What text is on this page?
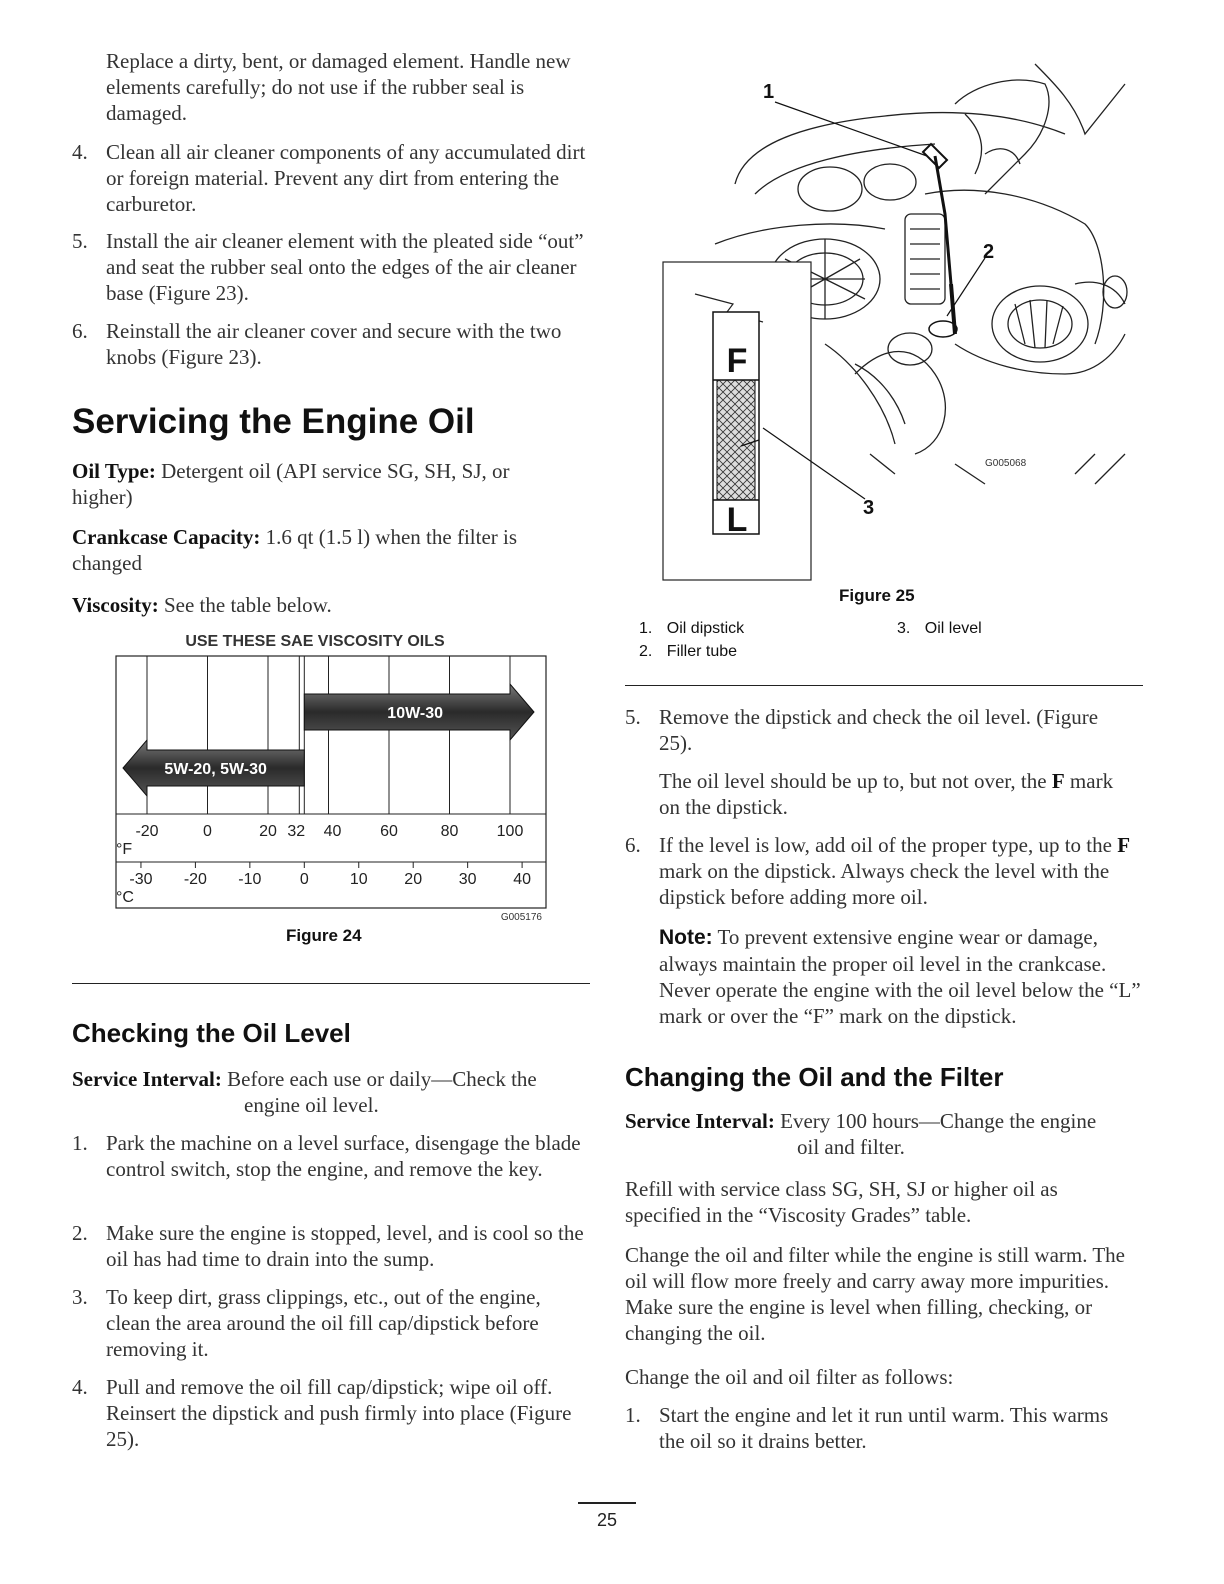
Replace a dirty, bent, or damaged element. Handle new elements carefully; do not use if the rubber seal is damaged.

4. Clean all air cleaner components of any accumulated dirt or foreign material. Prevent any dirt from entering the carburetor.
5. Install the air cleaner element with the pleated side “out” and seat the rubber seal onto the edges of the air cleaner base (Figure 23).
6. Reinstall the air cleaner cover and secure with the two knobs (Figure 23).
Servicing the Engine Oil

Oil Type: Detergent oil (API service SG, SH, SJ, or higher)

Crankcase Capacity: 1.6 qt (1.5 l) when the filter is changed

Viscosity: See the table below.

USE THESE SAE VISCOSITY OILS
10W-30
5W-20, 5W-30
-20	0	20 32 40 60	80 100
-30 -20 -10 0	10 20 30 40
°F
°C
G005176
Figure 24
Checking the Oil Level

Service Interval: Before each use or daily—Check the

engine oil level.

1. Park the machine on a level surface, disengage the blade control switch, stop the engine, and remove the key.
2. Make sure the engine is stopped, level, and is cool so the oil has had time to drain into the sump.
3. To keep dirt, grass clippings, etc., out of the engine, clean the area around the oil fill cap/dipstick before removing it.
4. Pull and remove the oil fill cap/dipstick; wipe oil off. Reinsert the dipstick and push firmly into place (Figure 25).
F
L
1
2
3
G005068
Figure 25
1. Oil dipstick
2. Filler tube
3. Oil level
5. Remove the dipstick and check the oil level. (Figure 25).

The oil level should be up to, but not over, the F mark on the dipstick.

6. If the level is low, add oil of the proper type, up to the F mark on the dipstick. Always check the level with the dipstick before adding more oil.

Note: To prevent extensive engine wear or damage, always maintain the proper oil level in the crankcase. Never operate the engine with the oil level below the “L” mark or over the “F” mark on the dipstick.

Changing the Oil and the Filter

Service Interval: Every 100 hours—Change the engine

oil and filter.

Refill with service class SG, SH, SJ or higher oil as specified in the “Viscosity Grades” table.

Change the oil and filter while the engine is still warm. The oil will flow more freely and carry away more impurities. Make sure the engine is level when filling, checking, or changing the oil.

Change the oil and oil filter as follows:

1. Start the engine and let it run until warm. This warms the oil so it drains better.
25
